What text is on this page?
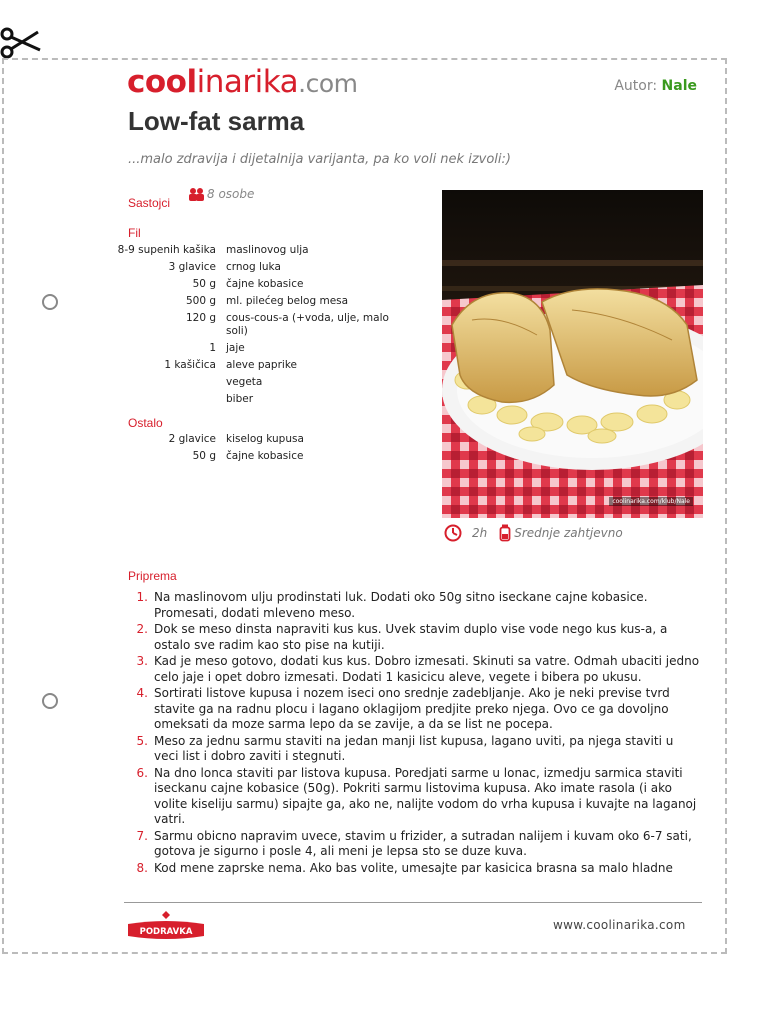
coolinarika.com	Autor: Nale
Low-fat sarma
...malo zdravija i dijetalnija varijanta, pa ko voli nek izvoli:)
Sastojci
8 osobe
Fil
8-9 supenih kašika maslinovog ulja
3 glavice crnog luka
50 g čajne kobasice
500 g ml. pilećeg belog mesa
120 g cous-cous-a (+voda, ulje, malo soli)
1 jaje
1 kašičica aleve paprike
vegeta
biber
Ostalo
2 glavice kiselog kupusa
50 g čajne kobasice
coolinarika.com/klub/Nale
2h Srednje zahtjevno
Priprema
1. Na maslinovom ulju prodinstati luk. Dodati oko 50g sitno iseckane cajne kobasice. Promesati, dodati mleveno meso.
2. Dok se meso dinsta napraviti kus kus. Uvek stavim duplo vise vode nego kus kus-a, a ostalo sve radim kao sto pise na kutiji.
3. Kad je meso gotovo, dodati kus kus. Dobro izmesati. Skinuti sa vatre. Odmah ubaciti jedno celo jaje i opet dobro izmesati. Dodati 1 kasicicu aleve, vegete i bibera po ukusu.
4. Sortirati listove kupusa i nozem iseci ono srednje zadebljanje. Ako je neki previse tvrd stavite ga na radnu plocu i lagano oklagijom predjite preko njega. Ovo ce ga dovoljno omeksati da moze sarma lepo da se zavije, a da se list ne pocepa.
5. Meso za jednu sarmu staviti na jedan manji list kupusa, lagano uviti, pa njega staviti u veci list i dobro zaviti i stegnuti.
6. Na dno lonca staviti par listova kupusa. Poredjati sarme u lonac, izmedju sarmica staviti iseckanu cajne kobasice (50g). Pokriti sarmu listovima kupusa. Ako imate rasola (i ako volite kiseliju sarmu) sipajte ga, ako ne, nalijte vodom do vrha kupusa i kuvajte na laganoj vatri.
7. Sarmu obicno napravim uvece, stavim u frizider, a sutradan nalijem i kuvam oko 6-7 sati, gotova je sigurno i posle 4, ali meni je lepsa sto se duze kuva.
8. Kod mene zaprske nema. Ako bas volite, umesajte par kasicica brasna sa malo hladne
PODRAVKA	www.coolinarika.com
